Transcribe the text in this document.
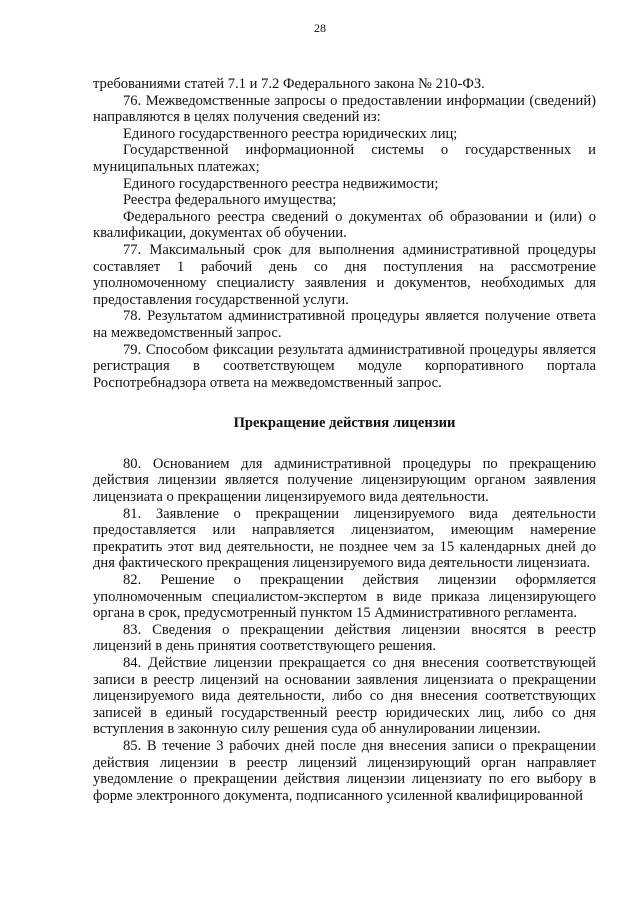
28

требованиями статей 7.1 и 7.2 Федерального закона № 210-ФЗ.

76. Межведомственные запросы о предоставлении информации (сведений) направляются в целях получения сведений из:

Единого государственного реестра юридических лиц;

Государственной информационной системы о государственных и муниципальных платежах;

Единого государственного реестра недвижимости;

Реестра федерального имущества;

Федерального реестра сведений о документах об образовании и (или) о квалификации, документах об обучении.

77. Максимальный срок для выполнения административной процедуры составляет 1 рабочий день со дня поступления на рассмотрение уполномоченному специалисту заявления и документов, необходимых для предоставления государственной услуги.

78. Результатом административной процедуры является получение ответа на межведомственный запрос.

79. Способом фиксации результата административной процедуры является регистрация в соответствующем модуле корпоративного портала Роспотребнадзора ответа на межведомственный запрос.

Прекращение действия лицензии

80. Основанием для административной процедуры по прекращению действия лицензии является получение лицензирующим органом заявления лицензиата о прекращении лицензируемого вида деятельности.

81. Заявление о прекращении лицензируемого вида деятельности предоставляется или направляется лицензиатом, имеющим намерение прекратить этот вид деятельности, не позднее чем за 15 календарных дней до дня фактического прекращения лицензируемого вида деятельности лицензиата.

82. Решение о прекращении действия лицензии оформляется уполномоченным специалистом-экспертом в виде приказа лицензирующего органа в срок, предусмотренный пунктом 15 Административного регламента.

83. Сведения о прекращении действия лицензии вносятся в реестр лицензий в день принятия соответствующего решения.

84. Действие лицензии прекращается со дня внесения соответствующей записи в реестр лицензий на основании заявления лицензиата о прекращении лицензируемого вида деятельности, либо со дня внесения соответствующих записей в единый государственный реестр юридических лиц, либо со дня вступления в законную силу решения суда об аннулировании лицензии.

85. В течение 3 рабочих дней после дня внесения записи о прекращении действия лицензии в реестр лицензий лицензирующий орган направляет уведомление о прекращении действия лицензии лицензиату по его выбору в форме электронного документа, подписанного усиленной квалифицированной
